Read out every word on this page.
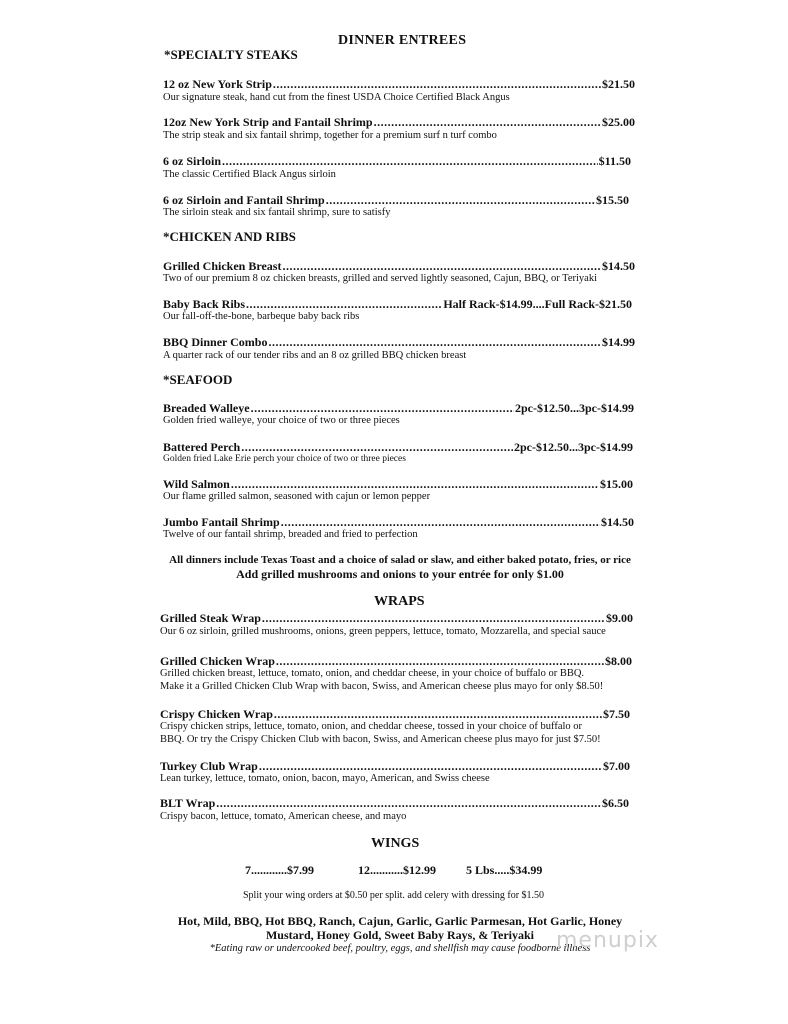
DINNER ENTREES
*SPECIALTY STEAKS
12 oz New York Strip .....	$21.50
Our signature steak, hand cut from the finest USDA Choice Certified Black Angus
12oz New York Strip and Fantail Shrimp .....	$25.00
The strip steak and six fantail shrimp, together for a premium surf n turf combo
6 oz Sirloin .....	$11.50
The classic Certified Black Angus sirloin
6 oz Sirloin and Fantail Shrimp .....	$15.50
The sirloin steak and six fantail shrimp, sure to satisfy
*CHICKEN AND RIBS
Grilled Chicken Breast .....	$14.50
Two of our premium 8 oz chicken breasts, grilled and served lightly seasoned, Cajun, BBQ, or Teriyaki
Baby Back Ribs .....	Half Rack-$14.99....Full Rack-$21.50
Our fall-off-the-bone, barbeque baby back ribs
BBQ Dinner Combo .....	$14.99
A quarter rack of our tender ribs and an 8 oz grilled BBQ chicken breast
*SEAFOOD
Breaded Walleye .....	2pc-$12.50...3pc-$14.99
Golden fried walleye, your choice of two or three pieces
Battered Perch .....	2pc-$12.50...3pc-$14.99
Golden fried Lake Erie perch your choice of two or three pieces
Wild Salmon .....	$15.00
Our flame grilled salmon, seasoned with cajun or lemon pepper
Jumbo Fantail Shrimp .....	$14.50
Twelve of our fantail shrimp, breaded and fried to perfection
All dinners include Texas Toast and a choice of salad or slaw, and either baked potato, fries, or rice
Add grilled mushrooms and onions to your entrée for only $1.00
WRAPS
Grilled Steak Wrap .....	$9.00
Our 6 oz sirloin, grilled mushrooms, onions, green peppers, lettuce, tomato, Mozzarella, and special sauce
Grilled Chicken Wrap .....	$8.00
Grilled chicken breast, lettuce, tomato, onion, and cheddar cheese, in your choice of buffalo or BBQ.
Make it a Grilled Chicken Club Wrap with bacon, Swiss, and American cheese plus mayo for only $8.50!
Crispy Chicken Wrap .....	$7.50
Crispy chicken strips, lettuce, tomato, onion, and cheddar cheese, tossed in your choice of buffalo or
BBQ. Or try the Crispy Chicken Club with bacon, Swiss, and American cheese plus mayo for just $7.50!
Turkey Club Wrap .....	$7.00
Lean turkey, lettuce, tomato, onion, bacon, mayo, American, and Swiss cheese
BLT Wrap .....	$6.50
Crispy bacon, lettuce, tomato, American cheese, and mayo
WINGS
7............$7.99	12...........$12.99	5 Lbs.....$34.99
Split your wing orders at $0.50 per split. add celery with dressing for $1.50
Hot, Mild, BBQ, Hot BBQ, Ranch, Cajun, Garlic, Garlic Parmesan, Hot Garlic, Honey
Mustard, Honey Gold, Sweet Baby Rays, & Teriyaki
*Eating raw or undercooked beef, poultry, eggs, and shellfish may cause foodborne illness
menupix
